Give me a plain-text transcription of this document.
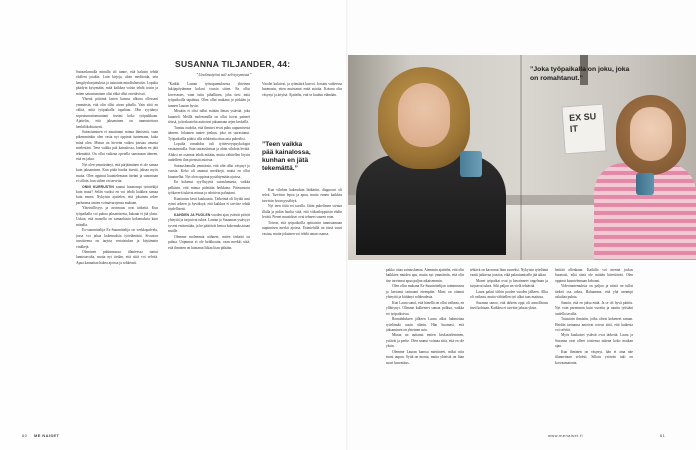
Satraaslomalla minulla oli tunne, että halusin tehdä elolleni jotakin. Luin kirjoja, aloin meditoida, tein hengityskarjoituksia ja tutustuin mindfulnessiin. Lopulta päädyin kysymään, mitä kaikkea voisin tehdä toisin ja miten sairastuminen olisi ehkä ollut estettävissä.

Yhtenä päivänä lasten kanssa ulkona ollessani ymmärsin, että olin ollut aivan pihalla. Vain siitä en välitä, mitä työpaikalla tapahtuu. Olin syyttänyt sopeutumattomuuttani itseäni koko työpaikkaan. Ajattelin, että jaksaminen on tunnustettava henkilökohtaisesti.

Sairastuminen ei muuttanut minua ihmisenä, vaan pikemminkin olen vasta nyt oppinut tuntemaan, kuka minä olen. Minun on hirveän vaikea joustaa omasta mielestäni. Teen vaikka pää kainalossa, kunhan en jätä tekemättä. On ollut vaikeaa opetella sanomaan ääneen, että en jaksa.

Nyt olen ymmärtänyt, että pärjääminen ei ole samaa kuin jaksaminen. Kun pitää huolta itsestä, jaksaa myös muita. Olen oppinut kuuntelemaan itseäni ja sanomaan ei silloin, kun siihen on tarvetta.

ONNI KURRUSTIN saanut huonompi työntekijä kuin muut? Selän vuoksi en voi tehdä kaikkea samaa kuin ennen. Nykyisin ajattelen, että jokainen tekee parhaansa omien voimavarojensa mukaan.

Yhteisöllisyys ja avoimuus ovat tärkeitä. Kun työpaikalla voi puhua jaksamisesta, kukaan ei jää yksin. Uskon, että monella on samanlaisia kokemuksia kuin minulla.

Ex-suunnittelija Ex-Suunnittelija on verkkopalvelu, jossa voi jakaa kokemuksia työelämästä. Sivuston tavoitteena on tarjota vertaistukea ja käytännön vinkkejä.

Oleminen pahimmassa tilanteessa tuntui lannistavalta, mutta nyt tiedän, että siitä voi selvitä. Apua kannattaa hakea ajoissa ja rohkeasti.

SUSANNA TILJANDER, 44:
”Unelmatyöni tuli selviytymistä”

”Kaikki Lauran työuupumuksesta yhteinen lukijapöytämme kokosi vuosia sitten. En ollut kirvesmies, vaan tuttu pihallinen, joka tiesi mitä työpaikoilla tapahtuu. Olen ollut mukana jo pitkään ja tunnen Lauran hyvin.

Mistään ei olisi tullut mitään ilman ystävää, joka kuunteli. Meillä molemmilla on ollut kovat paineet töissä, ja keskustelut auttoivat jaksamaan arjen keskellä.

Tuntuu oudolta, että ihmiset eivät puhu uupumisesta ääneen. Jokainen tuntee jonkun, joka on sairastunut. Työpaikoilla pitäisi olla rohkeutta ottaa asia puheeksi.

Lopulta romahdus tuli työterveyspsykologin vastaanotolla. Sain sairauslomaa ja aloin vihdoin levätä. Aluksi en osannut tehdä mitään, mutta vähitellen löysin uudelleen ilon pienistä asioista.

Sairauslomalla ymmärsin, että olin ollut väsynyt jo vuosia. Keho oli antanut merkkejä, mutta en ollut kuunnellut. Nyt olen oppinut pysähtymään ajoissa.

En kokenut syyllisyyttä sairaslomasta, vaikka pelkäsin, että minua pidetään heikkona. Päinvastoin työkaverit tukivat minua ja odottivat paluutani.

Kuntoutus kesti kuukausia. Tärkeintä oli löytää uusi rytmi arkeen ja hyväksyä, että kaikkea ei tarvitse tehdä täydellisesti.

KAHDEN JA PUOLEN vuoden ajan ystävät pitivät yhteyttä ja tarjosivat tukea. Lauran ja Susannan ystävyys syveni entisestään, ja he päättivät kertoa kokemuksistaan muille.

Olemme molemmat nähneet, miten tärkeää on puhua. Uupumus ei ole heikkoutta, vaan merkki siitä, että ihminen on kantanut liikaa liian pitkään.

Vuodet kuluivat, ja työmäärä kasvoi. Jossain vaiheessa huomasin, etten muistanut enää asioita. Kotona olin väsynyt ja ärtyisä. Ajattelin, että se kuuluu elämään.

”Teen vaikka pää kainalossa, kunhan en jätä tekemättä.”

Kun vihdoin hakeuduin lääkäriin, diagnoosi oli selvä. Tarvitsin lepoa ja apua, mutta ennen kaikkea tarvitsin luvan pysähtyä.

Nyt teen töitä eri tavalla. Jätän puhelimen sivuun illalla ja pidän huolta siitä, että viikonloppuisin ehdin levätä. Pienet muutokset ovat tehneet suuren eron.

Toivon, että työpaikoilla opittaisiin tunnistamaan uupumisen merkit ajoissa. Esimiehillä on tässä suuri vastuu, mutta jokainen voi tehdä oman osansa.

EX SU IT
”Joka työpaikalla on joku, joka on romahtanut.”

pakko ottaa sairauslomaa. Aiemmin ajattelin, että olin kaikkien muiden apu, mutta nyt ymmärrän, että olin itse tarvinnut apua paljon aikaisemmin.

Olen ollut mukana Ex-Suunnittelijan toiminnassa ja kertonut tarinaani eteenpäin. Moni on ottanut yhteyttä ja kiittänyt rohkeudesta.

Kun Laura sanoi, että hänellä on ollut vaikeaa, en yllättynyt. Olimme kulkeneet samaa polkua, vaikka eri työpaikoissa.

Romahduksen jälkeen Laura alkoi hahmottaa työelämää uusin silmin. Hän huomasi, että jaksaminen on yhteinen asia.

Minua on auttanut eniten keskusteleminen, ystävät ja perhe. Olen saanut voimaa siitä, että en ole yksin.

Olemme Lauran kanssa miettineet, miksi niin moni uupuu. Syitä on monia, mutta yhteistä on liian suuri kuormitus.

tehtävä on kasvanut liian suureksi. Nykyisin työelämä vaatii jatkuvaa joustoa, eikä palautumiselle jää aikaa.

Monet työpaikat ovat jo havainneet ongelman ja tarjoavat tukea. Silti paljon on vielä tehtävää.

Laura palasi töihin puolen vuoden jälkeen. Alku oli vaikeaa, mutta vähitellen työ alkoi taas maistua.

Susanna sanoo, että tärkein oppi oli armollisuus itseä kohtaan. Kaikkea ei tarvitse jaksaa yksin.

heittää ollenkaan. Kaikilla voi mennä joskus huonosti, eikä siinä ole mitään hävettävää. Olen oppinut kuuntelemaan kehoani.

Videotuntemuksia on paljon ja niistä on tullut tärkeä osa arkea. Haluamme, että yhä useampi uskaltaa puhua.

Sanoin, että en jaksa enää. Ja se oli hyvä päätös. Nyt voin paremmin kuin vuosiin ja nautin työstäni uudella tavalla.

Tutustuin ihmisiin, jotka olivat kokeneet saman. Heidän tarinansa antoivat toivoa siitä, että kaikesta voi selvitä.

Myös kaukaiset ystävät ovat tärkeitä. Laura ja Susanna ovat olleet toistensa tukena koko matkan ajan.

Kun ihminen on väsynyt, hän ei aina näe tilannettaan selvästi. Silloin ystävän tuki on korvaamatonta.

60 ME NAISET	www.menaiset.fi	61
